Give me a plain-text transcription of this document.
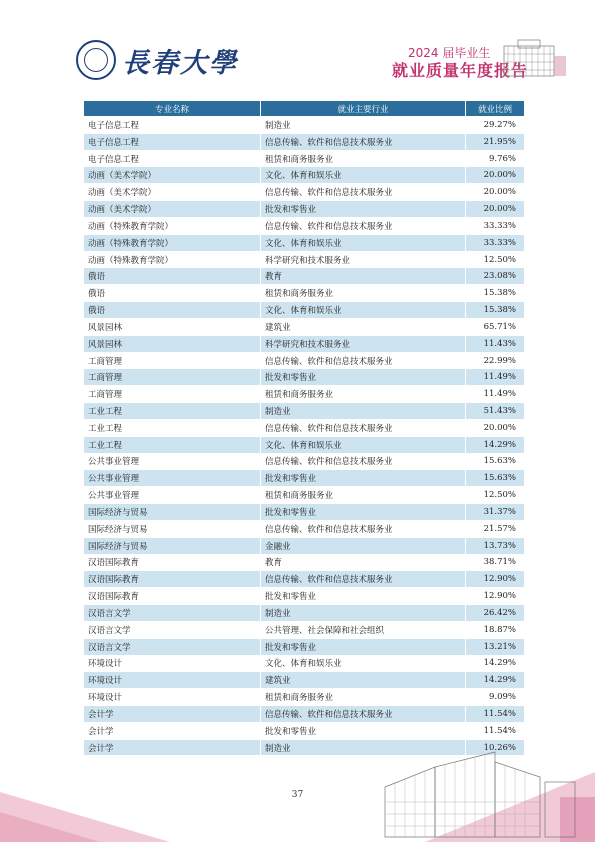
長春大學	2024 届毕业生
就业质量年度报告
专业名称	就业主要行业	就业比例
电子信息工程	制造业	29.27%
电子信息工程	信息传输、软件和信息技术服务业	21.95%
电子信息工程	租赁和商务服务业	9.76%
动画（美术学院）	文化、体育和娱乐业	20.00%
动画（美术学院）	信息传输、软件和信息技术服务业	20.00%
动画（美术学院）	批发和零售业	20.00%
动画（特殊教育学院）	信息传输、软件和信息技术服务业	33.33%
动画（特殊教育学院）	文化、体育和娱乐业	33.33%
动画（特殊教育学院）	科学研究和技术服务业	12.50%
俄语	教育	23.08%
俄语	租赁和商务服务业	15.38%
俄语	文化、体育和娱乐业	15.38%
风景园林	建筑业	65.71%
风景园林	科学研究和技术服务业	11.43%
工商管理	信息传输、软件和信息技术服务业	22.99%
工商管理	批发和零售业	11.49%
工商管理	租赁和商务服务业	11.49%
工业工程	制造业	51.43%
工业工程	信息传输、软件和信息技术服务业	20.00%
工业工程	文化、体育和娱乐业	14.29%
公共事业管理	信息传输、软件和信息技术服务业	15.63%
公共事业管理	批发和零售业	15.63%
公共事业管理	租赁和商务服务业	12.50%
国际经济与贸易	批发和零售业	31.37%
国际经济与贸易	信息传输、软件和信息技术服务业	21.57%
国际经济与贸易	金融业	13.73%
汉语国际教育	教育	38.71%
汉语国际教育	信息传输、软件和信息技术服务业	12.90%
汉语国际教育	批发和零售业	12.90%
汉语言文学	制造业	26.42%
汉语言文学	公共管理、社会保障和社会组织	18.87%
汉语言文学	批发和零售业	13.21%
环境设计	文化、体育和娱乐业	14.29%
环境设计	建筑业	14.29%
环境设计	租赁和商务服务业	9.09%
会计学	信息传输、软件和信息技术服务业	11.54%
会计学	批发和零售业	11.54%
会计学	制造业	10.26%
37
